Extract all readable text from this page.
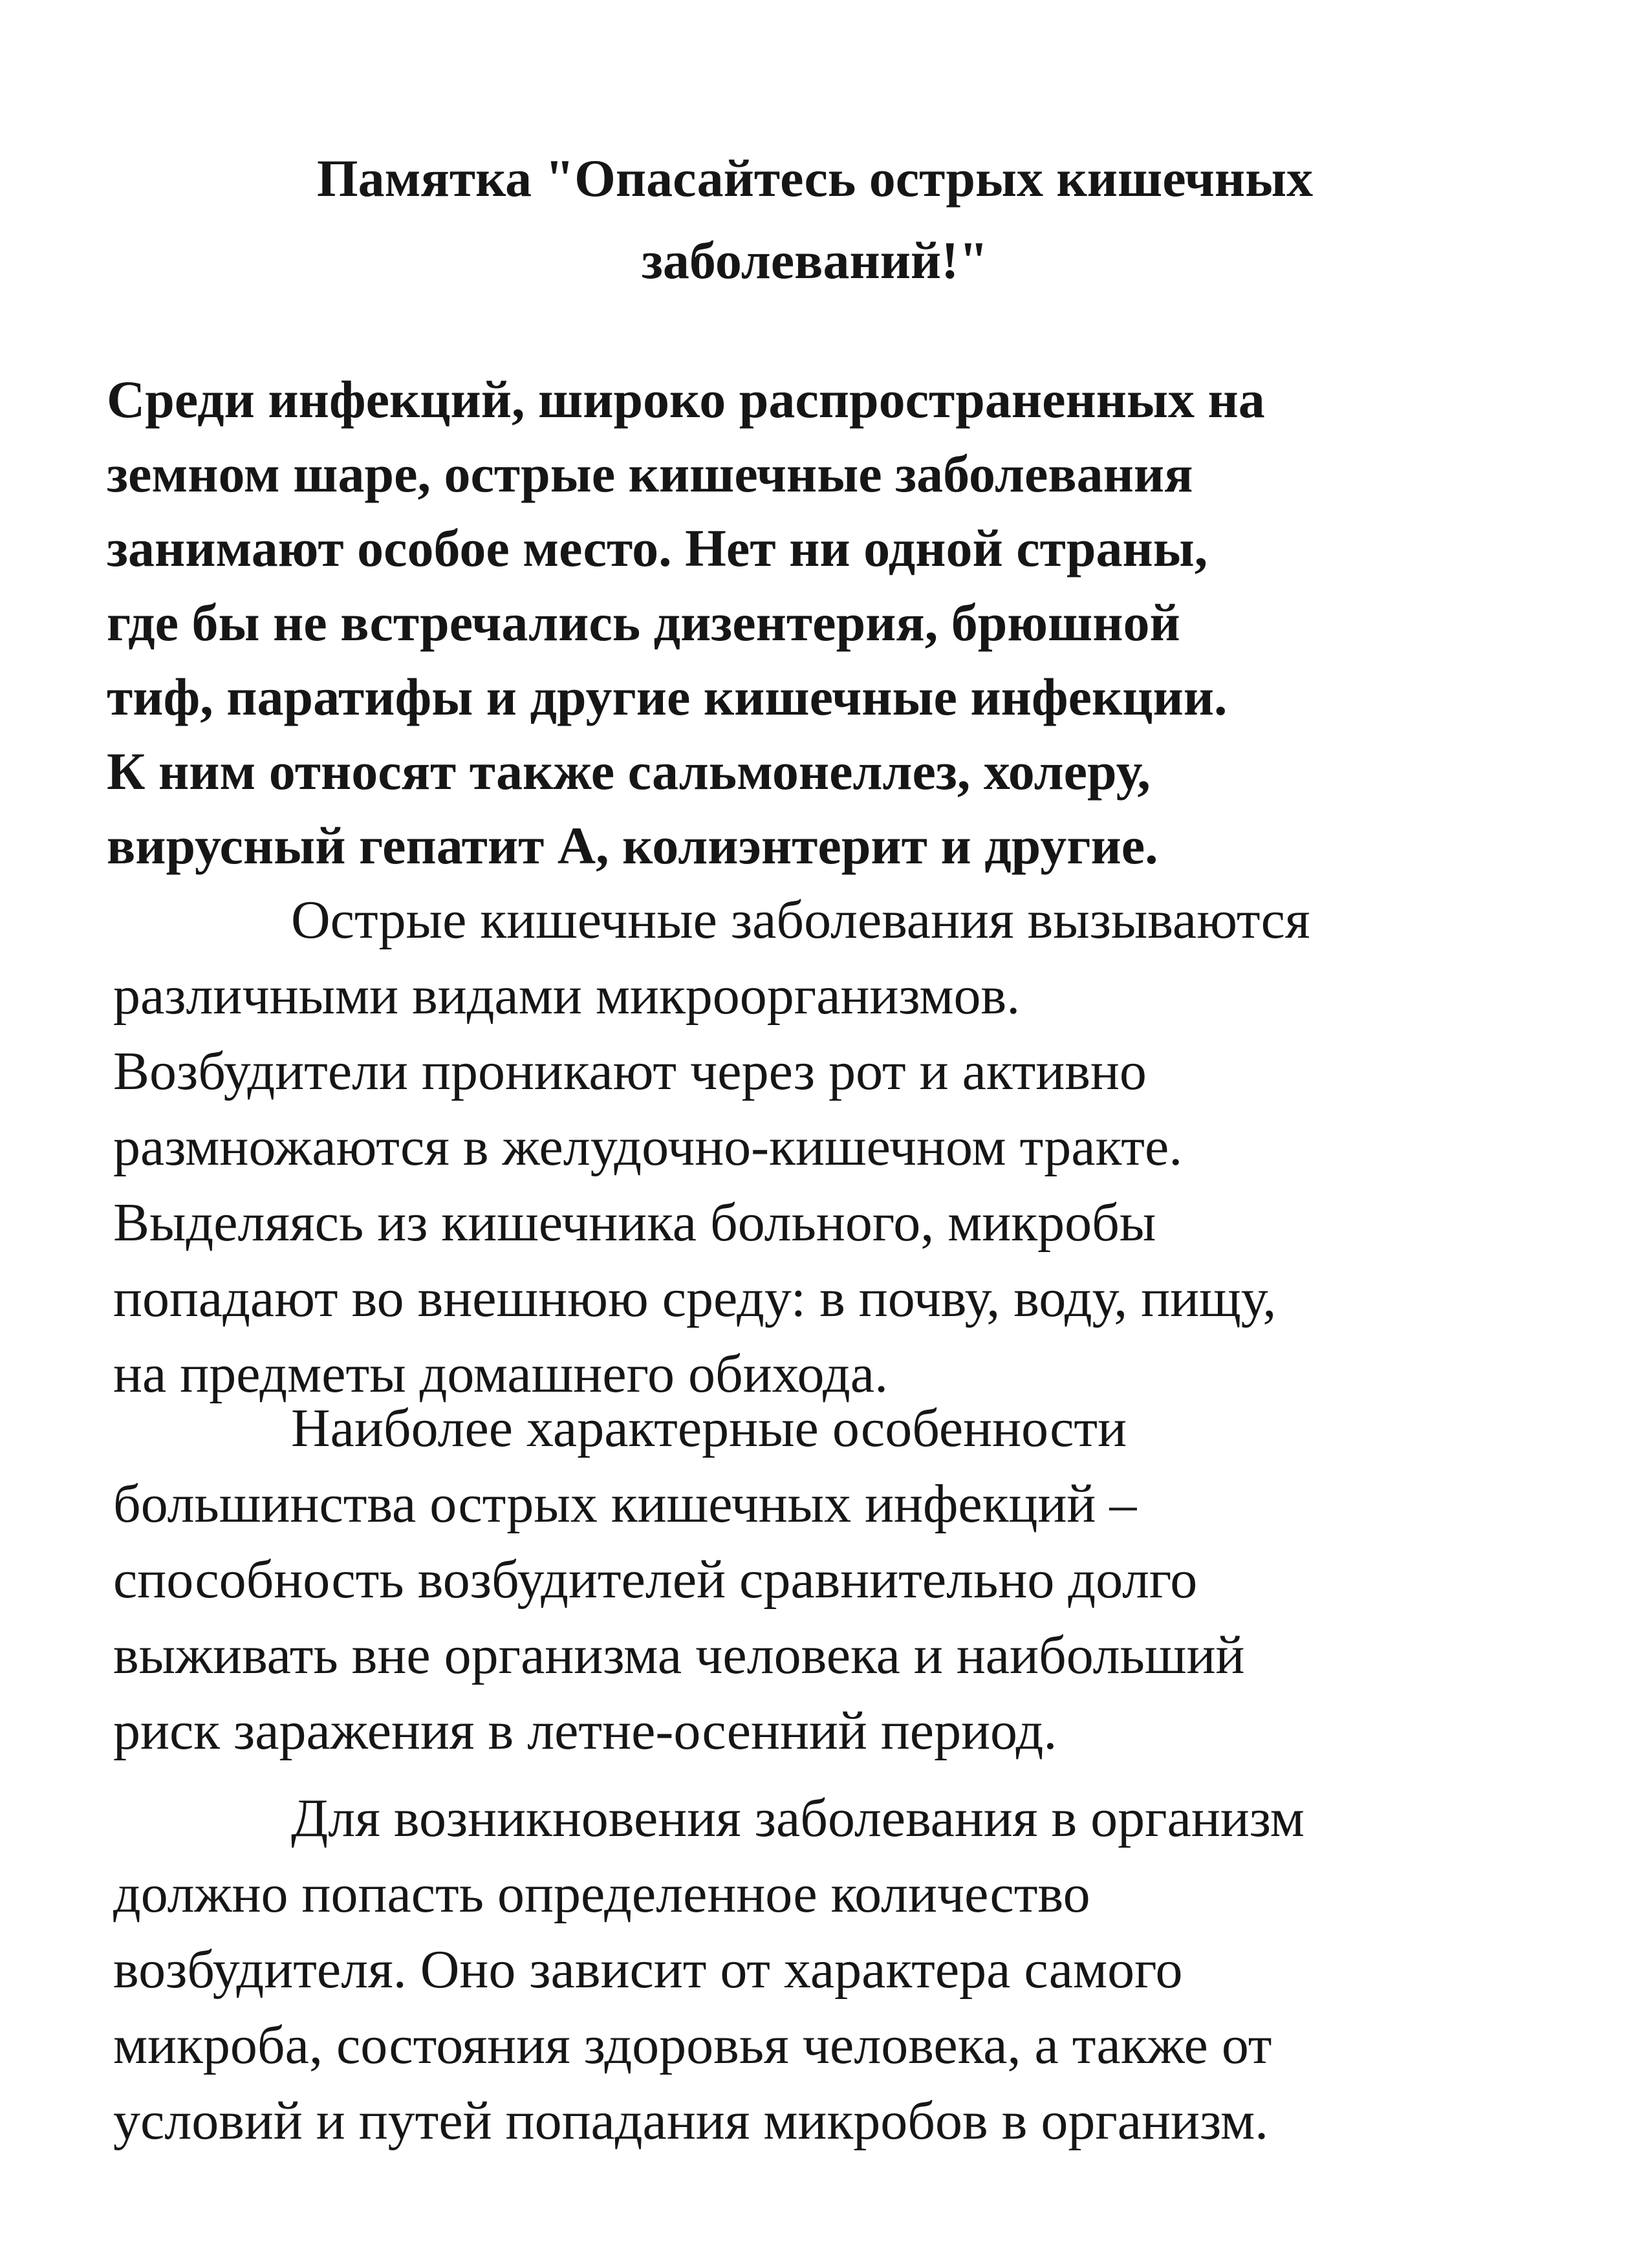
Памятка "Опасайтесь острых кишечных
заболеваний!"

Среди инфекций, широко распространенных на
земном шаре, острые кишечные заболевания
занимают особое место. Нет ни одной страны,
где бы не встречались дизентерия, брюшной
тиф, паратифы и другие кишечные инфекции.
К ним относят также сальмонеллез, холеру,
вирусный гепатит А, колиэнтерит и другие.

Острые кишечные заболевания вызываются
различными видами микроорганизмов.
Возбудители проникают через рот и активно
размножаются в желудочно-кишечном тракте.
Выделяясь из кишечника больного, микробы
попадают во внешнюю среду: в почву, воду, пищу,
на предметы домашнего обихода.

Наиболее характерные особенности
большинства острых кишечных инфекций –
способность возбудителей сравнительно долго
выживать вне организма человека и наибольший
риск заражения в летне-осенний период.

Для возникновения заболевания в организм
должно попасть определенное количество
возбудителя. Оно зависит от характера самого
микроба, состояния здоровья человека, а также от
условий и путей попадания микробов в организм.
